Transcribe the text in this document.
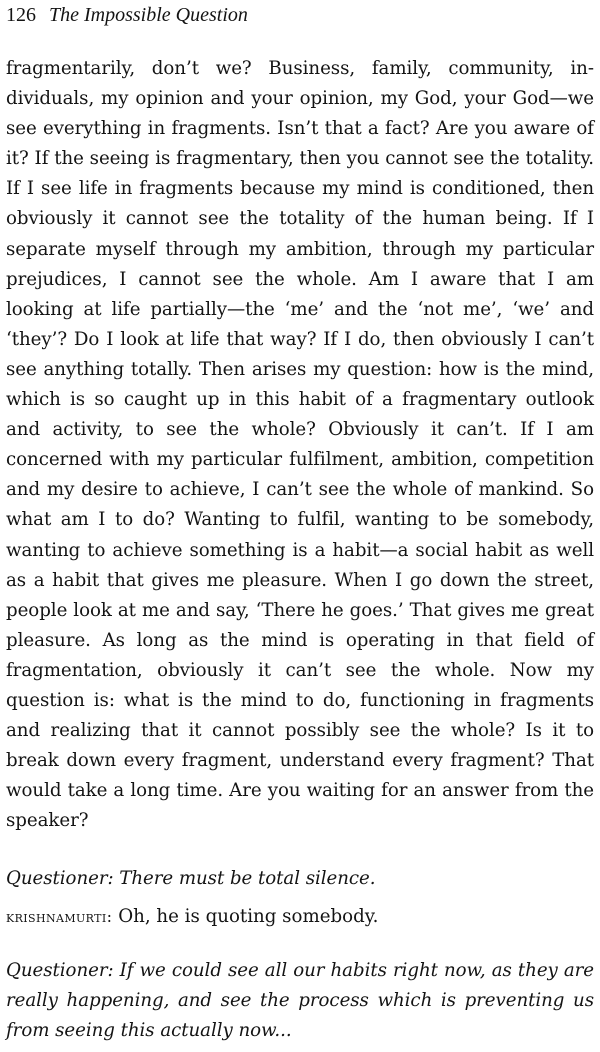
126 The Impossible Question

fragmentarily, don’t we? Business, family, community, individuals, my opinion and your opinion, my God, your God—we see everything in fragments. Isn’t that a fact? Are you aware of it? If the seeing is fragmentary, then you cannot see the totality. If I see life in fragments because my mind is conditioned, then obviously it cannot see the totality of the human being. If I separate myself through my ambition, through my particular prejudices, I cannot see the whole. Am I aware that I am looking at life partially—the ‘me’ and the ‘not me’, ‘we’ and ‘they’? Do I look at life that way? If I do, then obviously I can’t see anything totally. Then arises my question: how is the mind, which is so caught up in this habit of a fragmentary outlook and activity, to see the whole? Obviously it can’t. If I am concerned with my particular fulfilment, ambition, competition and my desire to achieve, I can’t see the whole of mankind. So what am I to do? Wanting to fulfil, wanting to be somebody, wanting to achieve something is a habit—a social habit as well as a habit that gives me pleasure. When I go down the street, people look at me and say, ‘There he goes.’ That gives me great pleasure. As long as the mind is operating in that field of fragmentation, obviously it can’t see the whole. Now my question is: what is the mind to do, functioning in fragments and realizing that it cannot possibly see the whole? Is it to break down every fragment, understand every fragment? That would take a long time. Are you waiting for an answer from the speaker?

Questioner: There must be total silence.

krishnamurti: Oh, he is quoting somebody.

Questioner: If we could see all our habits right now, as they are really happening, and see the process which is preventing us from seeing this actually now...
